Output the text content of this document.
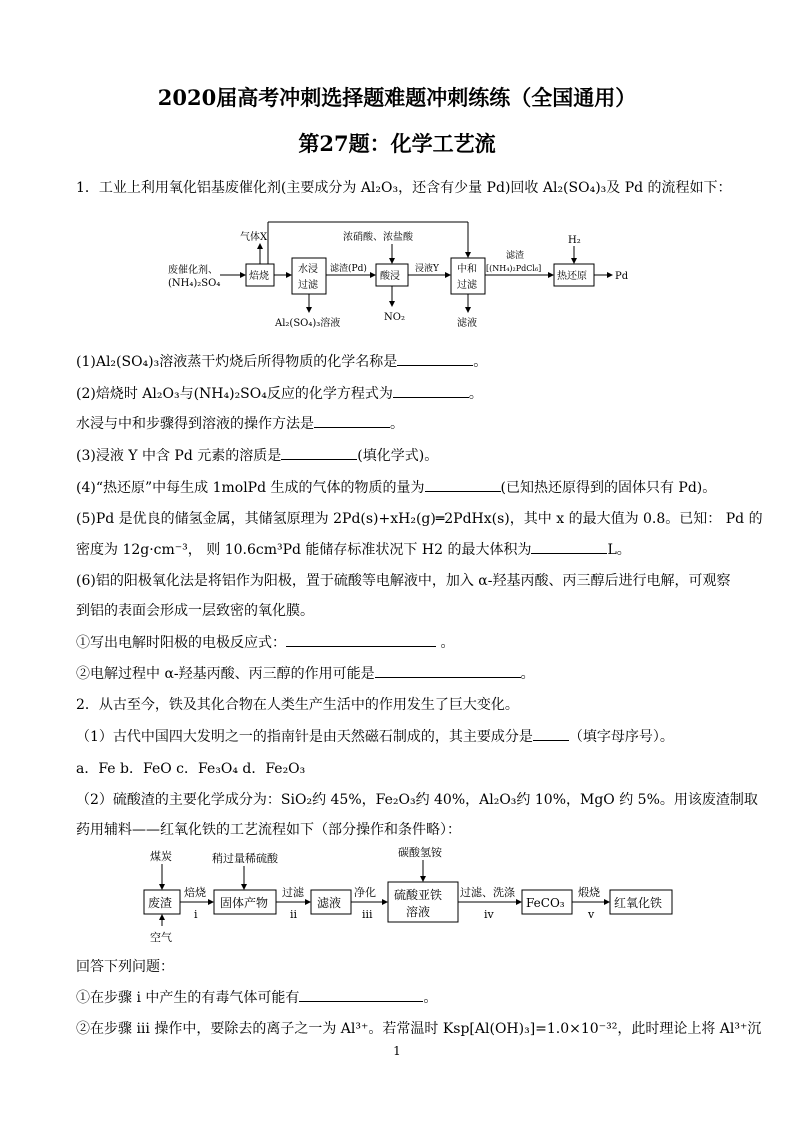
2020届高考冲刺选择题难题冲刺练练（全国通用）
第27题：化学工艺流
1．工业上利用氧化铝基废催化剂(主要成分为 Al₂O₃，还含有少量 Pd)回收 Al₂(SO₄)₃及 Pd 的流程如下：
废催化剂、
(NH₄)₂SO₄
气体X
焙烧
水浸
过滤
滤渣(Pd)
Al₂(SO₄)₃溶液
浓硝酸、浓盐酸
酸浸
NO₂
浸液Y 中和
过滤
滤液
滤渣
[(NH₄)₂PdCl₆]
H₂
热还原	Pd
(1)Al₂(SO₄)₃溶液蒸干灼烧后所得物质的化学名称是	。
(2)焙烧时 Al₂O₃与(NH₄)₂SO₄反应的化学方程式为	。
水浸与中和步骤得到溶液的操作方法是	。
(3)浸液 Y 中含 Pd 元素的溶质是	(填化学式)。
(4)“热还原”中每生成 1molPd 生成的气体的物质的量为	(已知热还原得到的固体只有 Pd)。
(5)Pd 是优良的储氢金属，其储氢原理为 2Pd(s)+xH₂(g)═2PdHx(s)，其中 x 的最大值为 0.8。已知： Pd 的
密度为 12g·cm⁻³， 则 10.6cm³Pd 能储存标准状况下 H2 的最大体积为	L。
(6)铝的阳极氧化法是将铝作为阳极，置于硫酸等电解液中，加入 α-羟基丙酸、丙三醇后进行电解，可观察
到铝的表面会形成一层致密的氧化膜。
①写出电解时阳极的电极反应式：	。
②电解过程中 α-羟基丙酸、丙三醇的作用可能是	。
2．从古至今，铁及其化合物在人类生产生活中的作用发生了巨大变化。
（1）古代中国四大发明之一的指南针是由天然磁石制成的，其主要成分是	（填字母序号）。
a．Fe b．FeO c．Fe₃O₄ d．Fe₂O₃
（2）硫酸渣的主要化学成分为：SiO₂约 45%，Fe₂O₃约 40%，Al₂O₃约 10%，MgO 约 5%。用该废渣制取
药用辅料——红氧化铁的工艺流程如下（部分操作和条件略）：
煤炭
空气
废渣
焙烧
i
稍过量稀硫酸
固体产物
过滤
ii
滤液
净化
iii
碳酸氢铵
硫酸亚铁
溶液
过滤、洗涤
iv
FeCO₃
煅烧
v
红氧化铁
回答下列问题：
①在步骤 i 中产生的有毒气体可能有	。
②在步骤 iii 操作中，要除去的离子之一为 Al³⁺。若常温时 Ksp[Al(OH)₃]=1.0×10⁻³²，此时理论上将 Al³⁺沉
1
